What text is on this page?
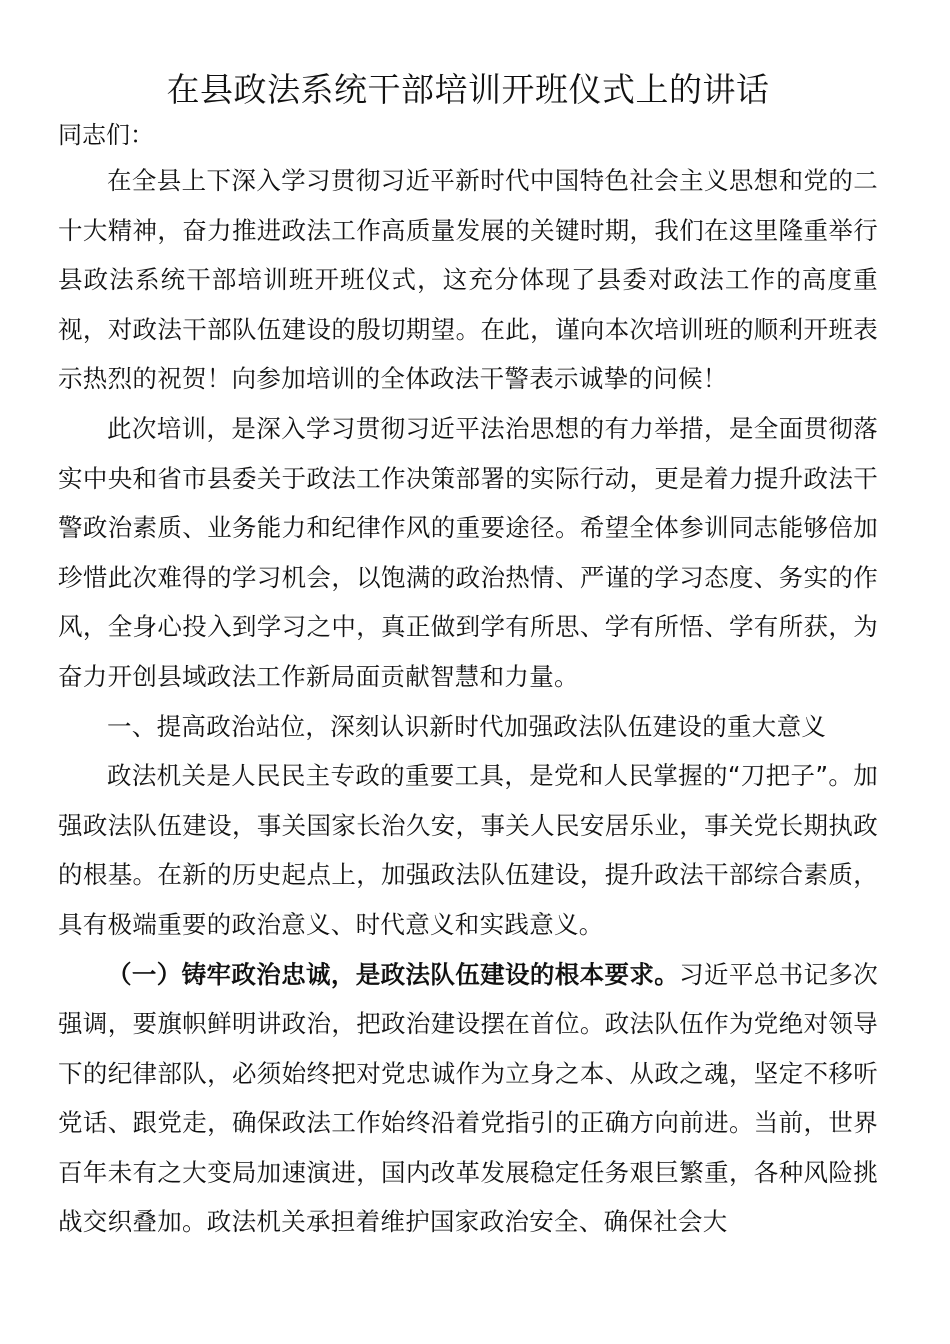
在县政法系统干部培训开班仪式上的讲话

同志们：

在全县上下深入学习贯彻习近平新时代中国特色社会主义思想和党的二十大精神，奋力推进政法工作高质量发展的关键时期，我们在这里隆重举行县政法系统干部培训班开班仪式，这充分体现了县委对政法工作的高度重视，对政法干部队伍建设的殷切期望。在此，谨向本次培训班的顺利开班表示热烈的祝贺！向参加培训的全体政法干警表示诚挚的问候！

此次培训，是深入学习贯彻习近平法治思想的有力举措，是全面贯彻落实中央和省市县委关于政法工作决策部署的实际行动，更是着力提升政法干警政治素质、业务能力和纪律作风的重要途径。希望全体参训同志能够倍加珍惜此次难得的学习机会，以饱满的政治热情、严谨的学习态度、务实的作风，全身心投入到学习之中，真正做到学有所思、学有所悟、学有所获，为奋力开创县域政法工作新局面贡献智慧和力量。

一、提高政治站位，深刻认识新时代加强政法队伍建设的重大意义

政法机关是人民民主专政的重要工具，是党和人民掌握的“刀把子”。加强政法队伍建设，事关国家长治久安，事关人民安居乐业，事关党长期执政的根基。在新的历史起点上，加强政法队伍建设，提升政法干部综合素质，具有极端重要的政治意义、时代意义和实践意义。

（一）铸牢政治忠诚，是政法队伍建设的根本要求。习近平总书记多次强调，要旗帜鲜明讲政治，把政治建设摆在首位。政法队伍作为党绝对领导下的纪律部队，必须始终把对党忠诚作为立身之本、从政之魂，坚定不移听党话、跟党走，确保政法工作始终沿着党指引的正确方向前进。当前，世界百年未有之大变局加速演进，国内改革发展稳定任务艰巨繁重，各种风险挑战交织叠加。政法机关承担着维护国家政治安全、确保社会大
